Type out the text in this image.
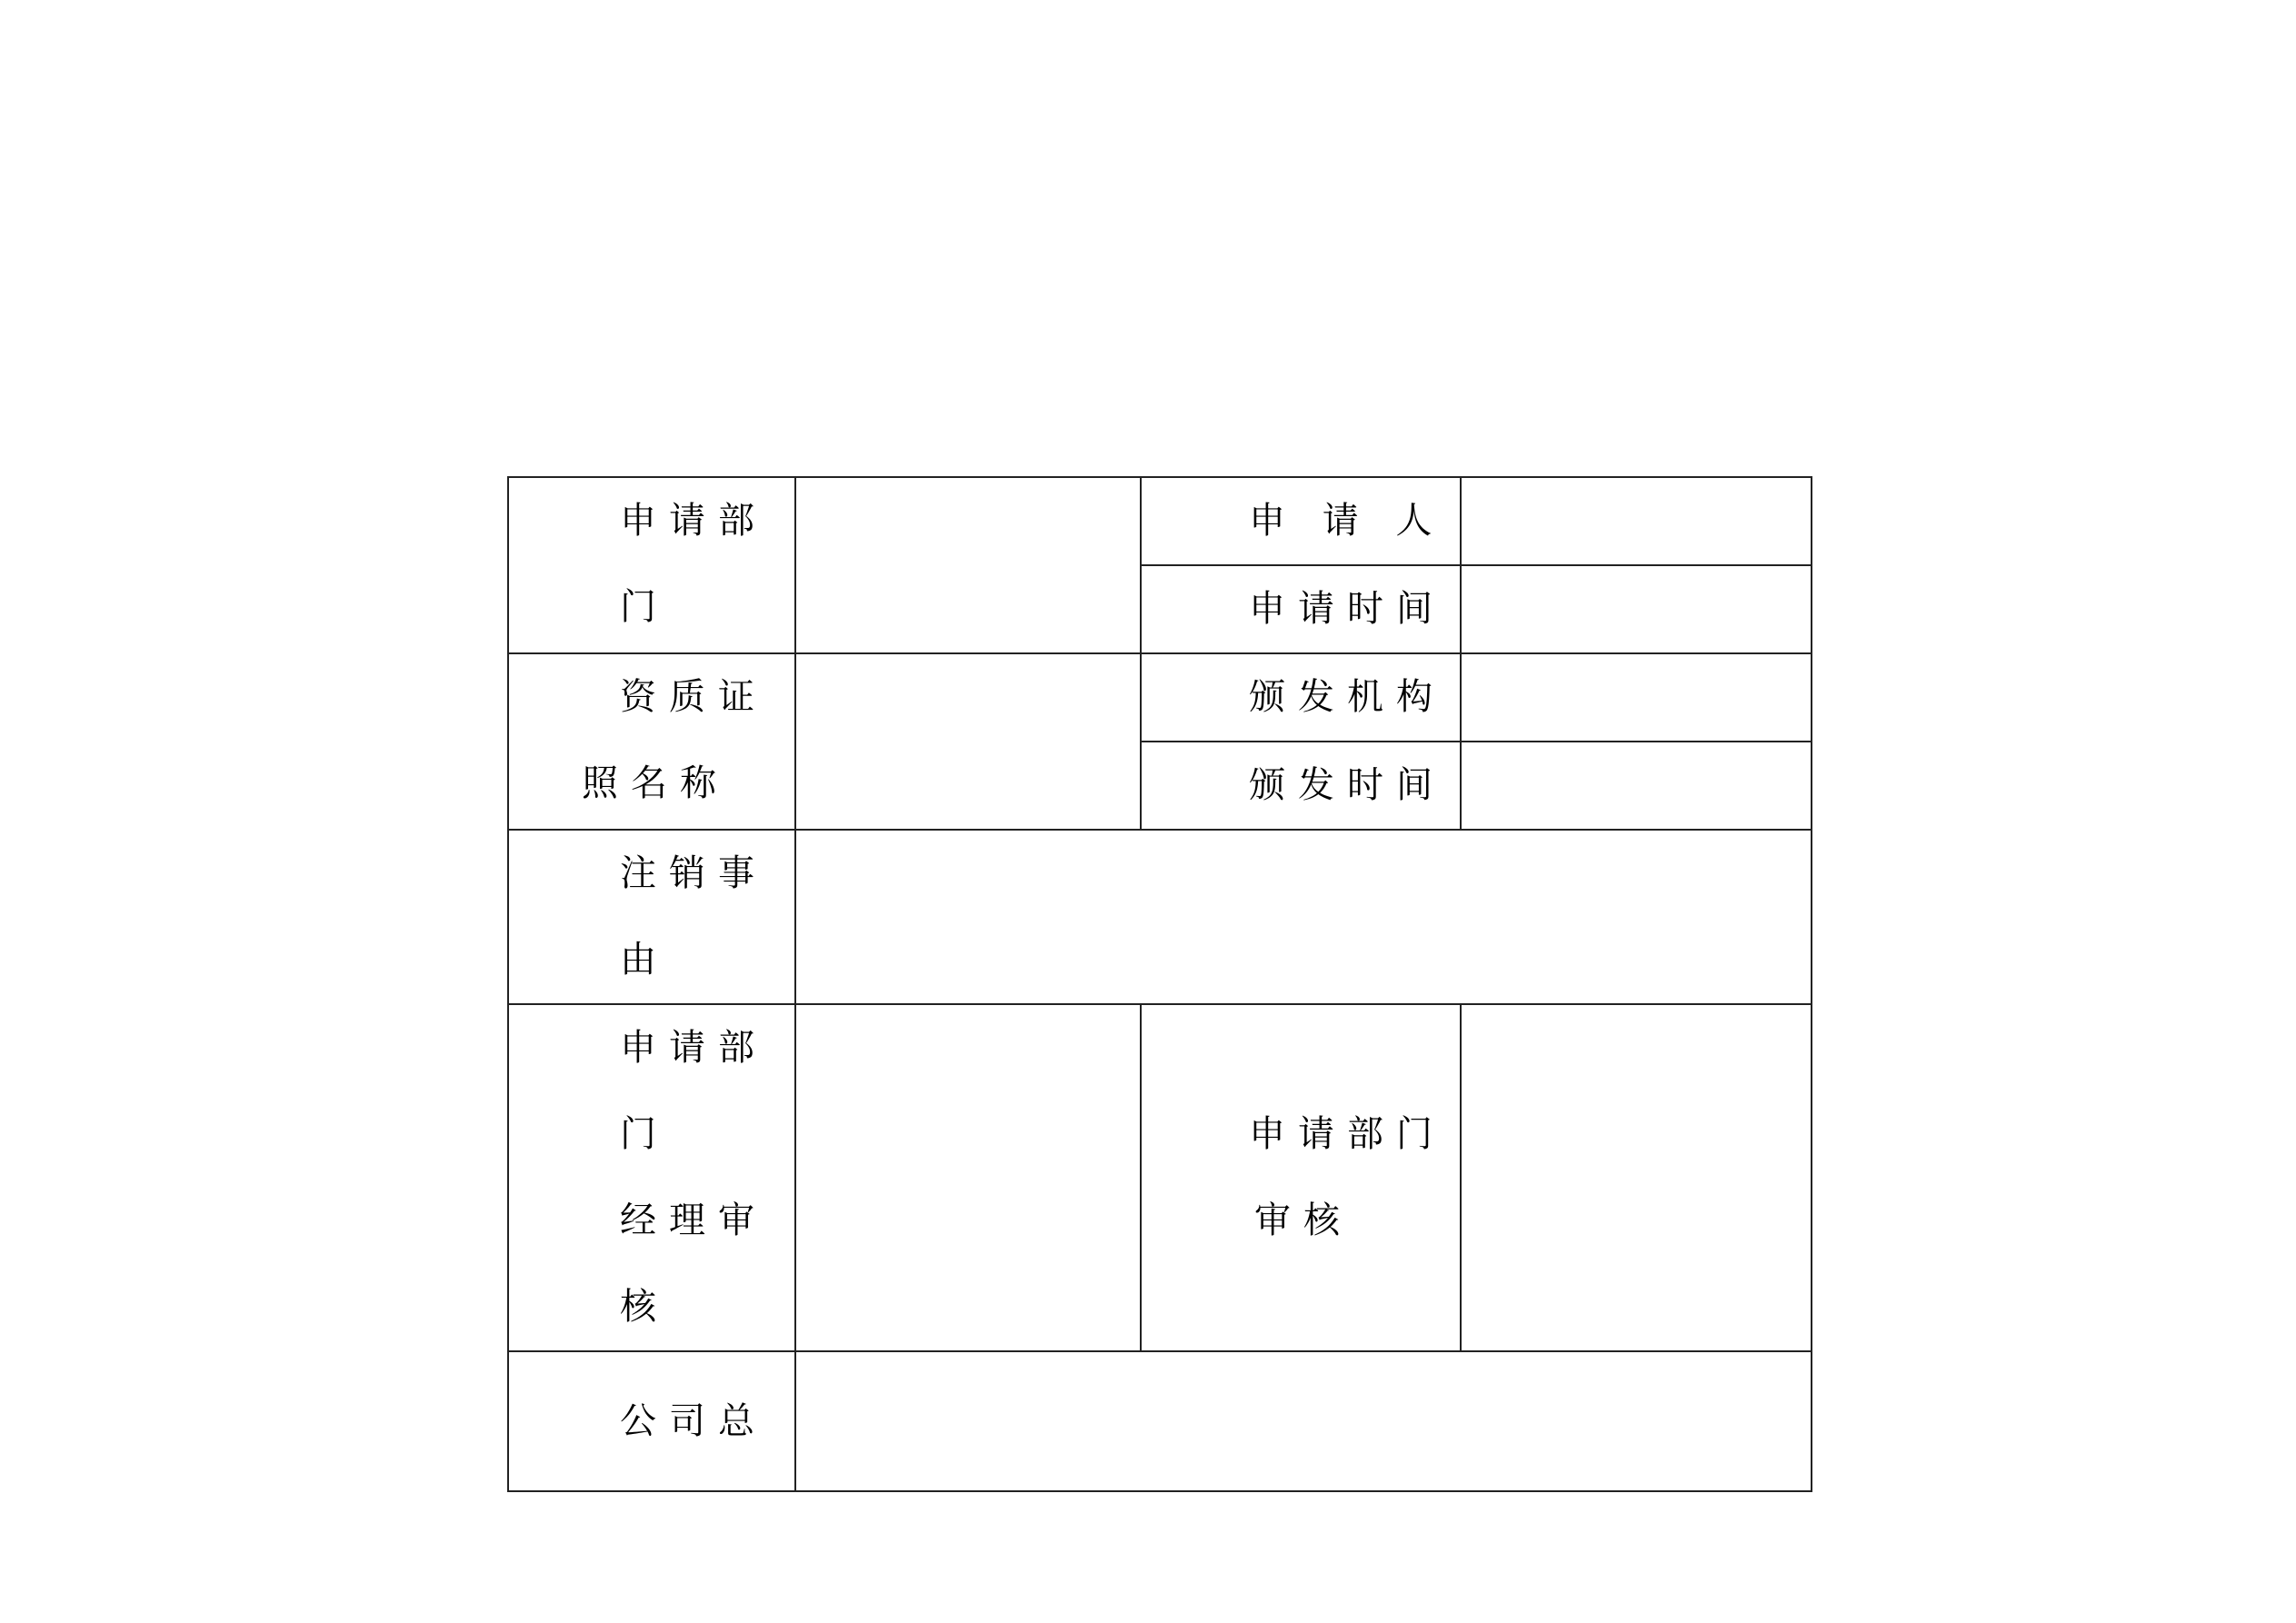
申请部
门		申 请 人	

		申请时间	

资质证
照名称		颁发机构	

		颁发时间	

注销事
由			

申请部
门
经理审
核		申请部门
审核	

公司总			
